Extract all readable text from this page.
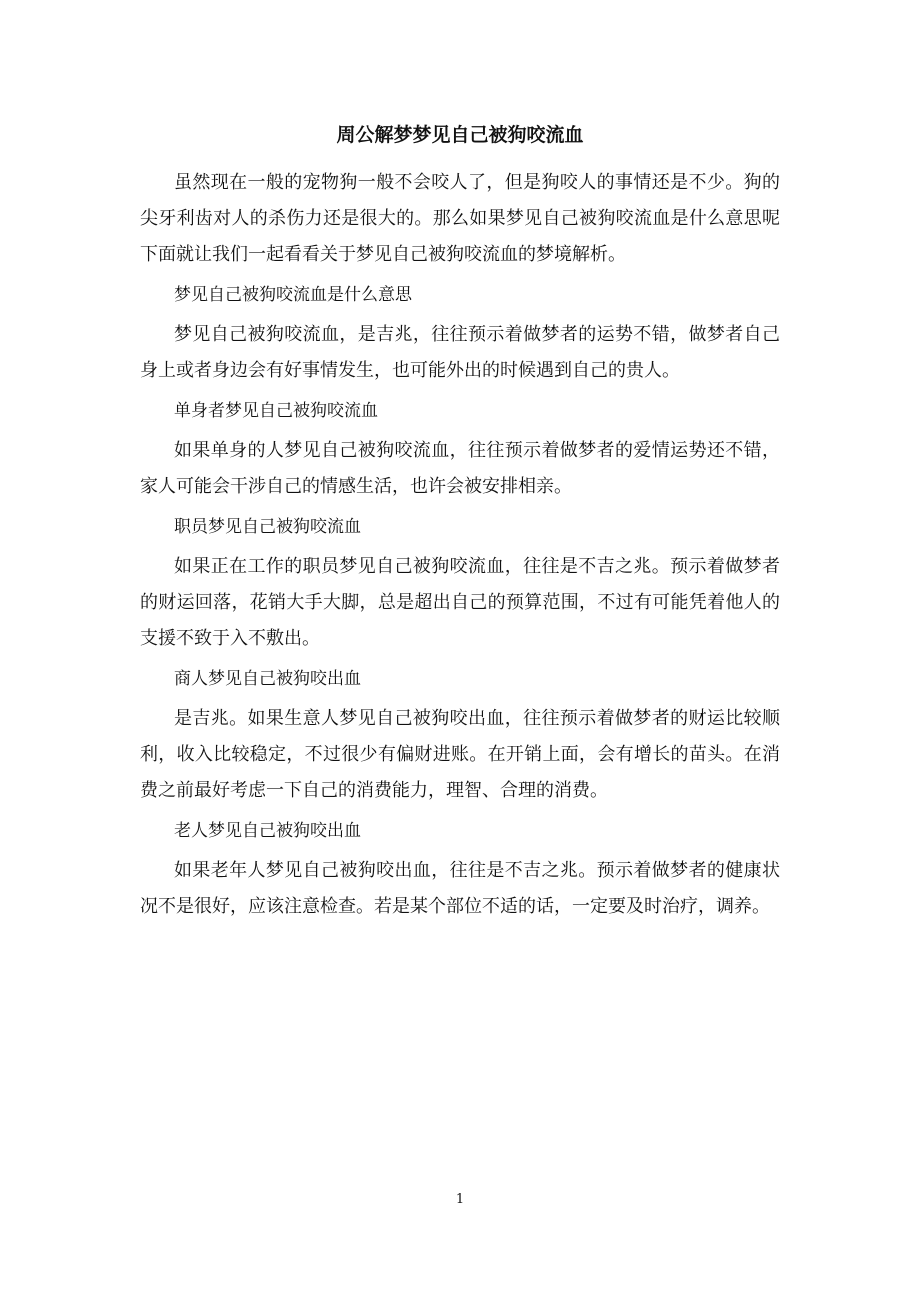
周公解梦梦见自己被狗咬流血

虽然现在一般的宠物狗一般不会咬人了，但是狗咬人的事情还是不少。狗的尖牙利齿对人的杀伤力还是很大的。那么如果梦见自己被狗咬流血是什么意思呢下面就让我们一起看看关于梦见自己被狗咬流血的梦境解析。

梦见自己被狗咬流血是什么意思

梦见自己被狗咬流血，是吉兆，往往预示着做梦者的运势不错，做梦者自己身上或者身边会有好事情发生，也可能外出的时候遇到自己的贵人。

单身者梦见自己被狗咬流血

如果单身的人梦见自己被狗咬流血，往往预示着做梦者的爱情运势还不错，家人可能会干涉自己的情感生活，也许会被安排相亲。

职员梦见自己被狗咬流血

如果正在工作的职员梦见自己被狗咬流血，往往是不吉之兆。预示着做梦者的财运回落，花销大手大脚，总是超出自己的预算范围，不过有可能凭着他人的支援不致于入不敷出。

商人梦见自己被狗咬出血

是吉兆。如果生意人梦见自己被狗咬出血，往往预示着做梦者的财运比较顺利，收入比较稳定，不过很少有偏财进账。在开销上面，会有增长的苗头。在消费之前最好考虑一下自己的消费能力，理智、合理的消费。

老人梦见自己被狗咬出血

如果老年人梦见自己被狗咬出血，往往是不吉之兆。预示着做梦者的健康状况不是很好，应该注意检查。若是某个部位不适的话，一定要及时治疗，调养。

1
